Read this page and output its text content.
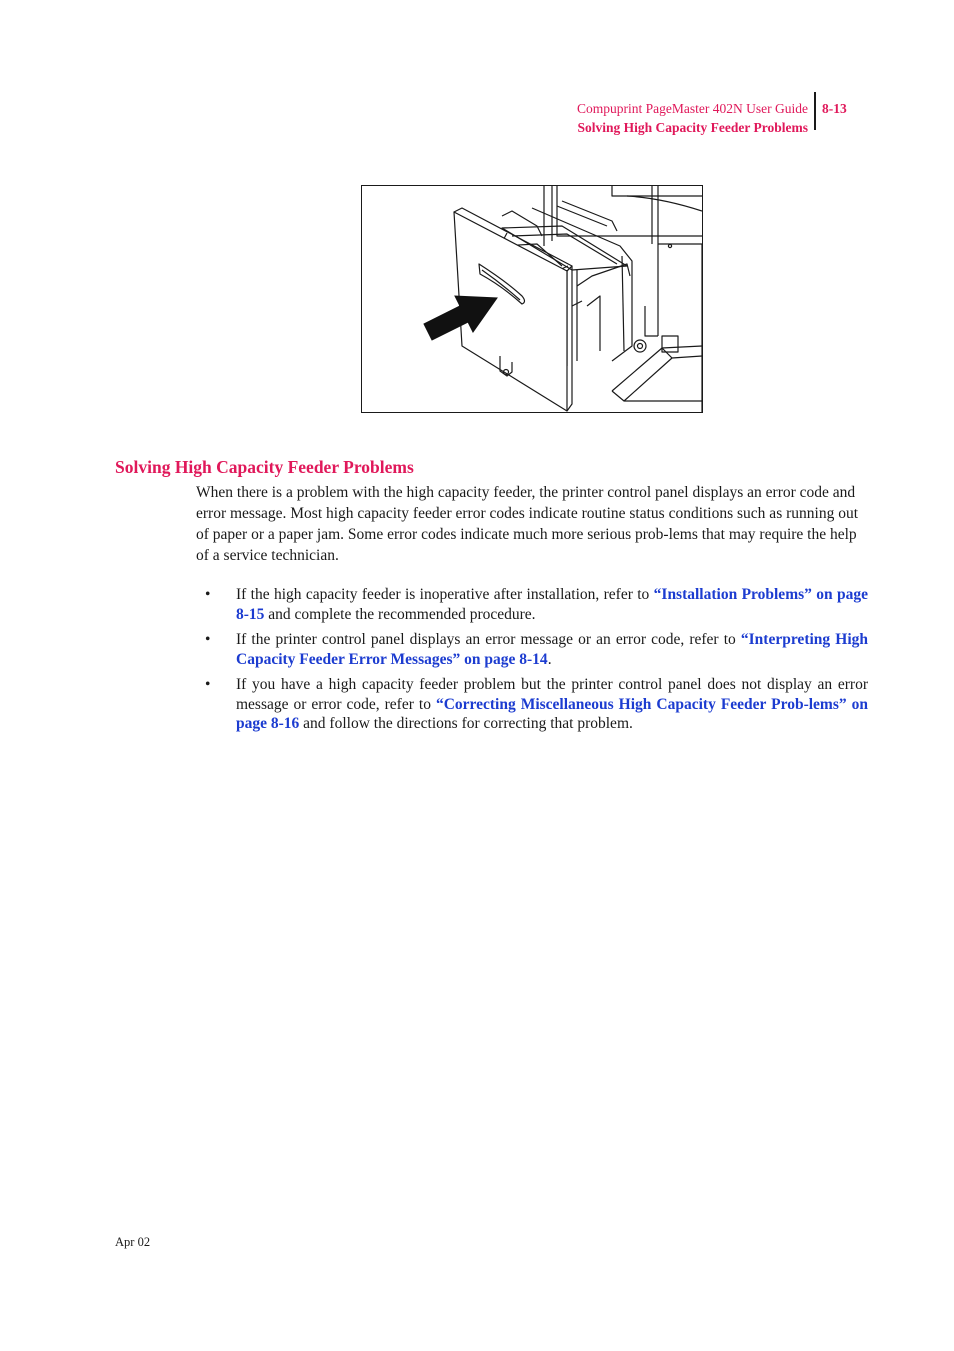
Compuprint PageMaster 402N User Guide
Solving High Capacity Feeder Problems
8-13
Solving High Capacity Feeder Problems

When there is a problem with the high capacity feeder, the printer control panel displays an error code and error message. Most high capacity feeder error codes indicate routine status conditions such as running out of paper or a paper jam. Some error codes indicate much more serious prob-lems that may require the help of a service technician.

• If the high capacity feeder is inoperative after installation, refer to “Installation Problems” on page 8-15 and complete the recommended procedure.
• If the printer control panel displays an error message or an error code, refer to “Interpreting High Capacity Feeder Error Messages” on page 8-14.
• If you have a high capacity feeder problem but the printer control panel does not display an error message or error code, refer to “Correcting Miscellaneous High Capacity Feeder Prob-lems” on page 8-16 and follow the directions for correcting that problem.
Apr 02
